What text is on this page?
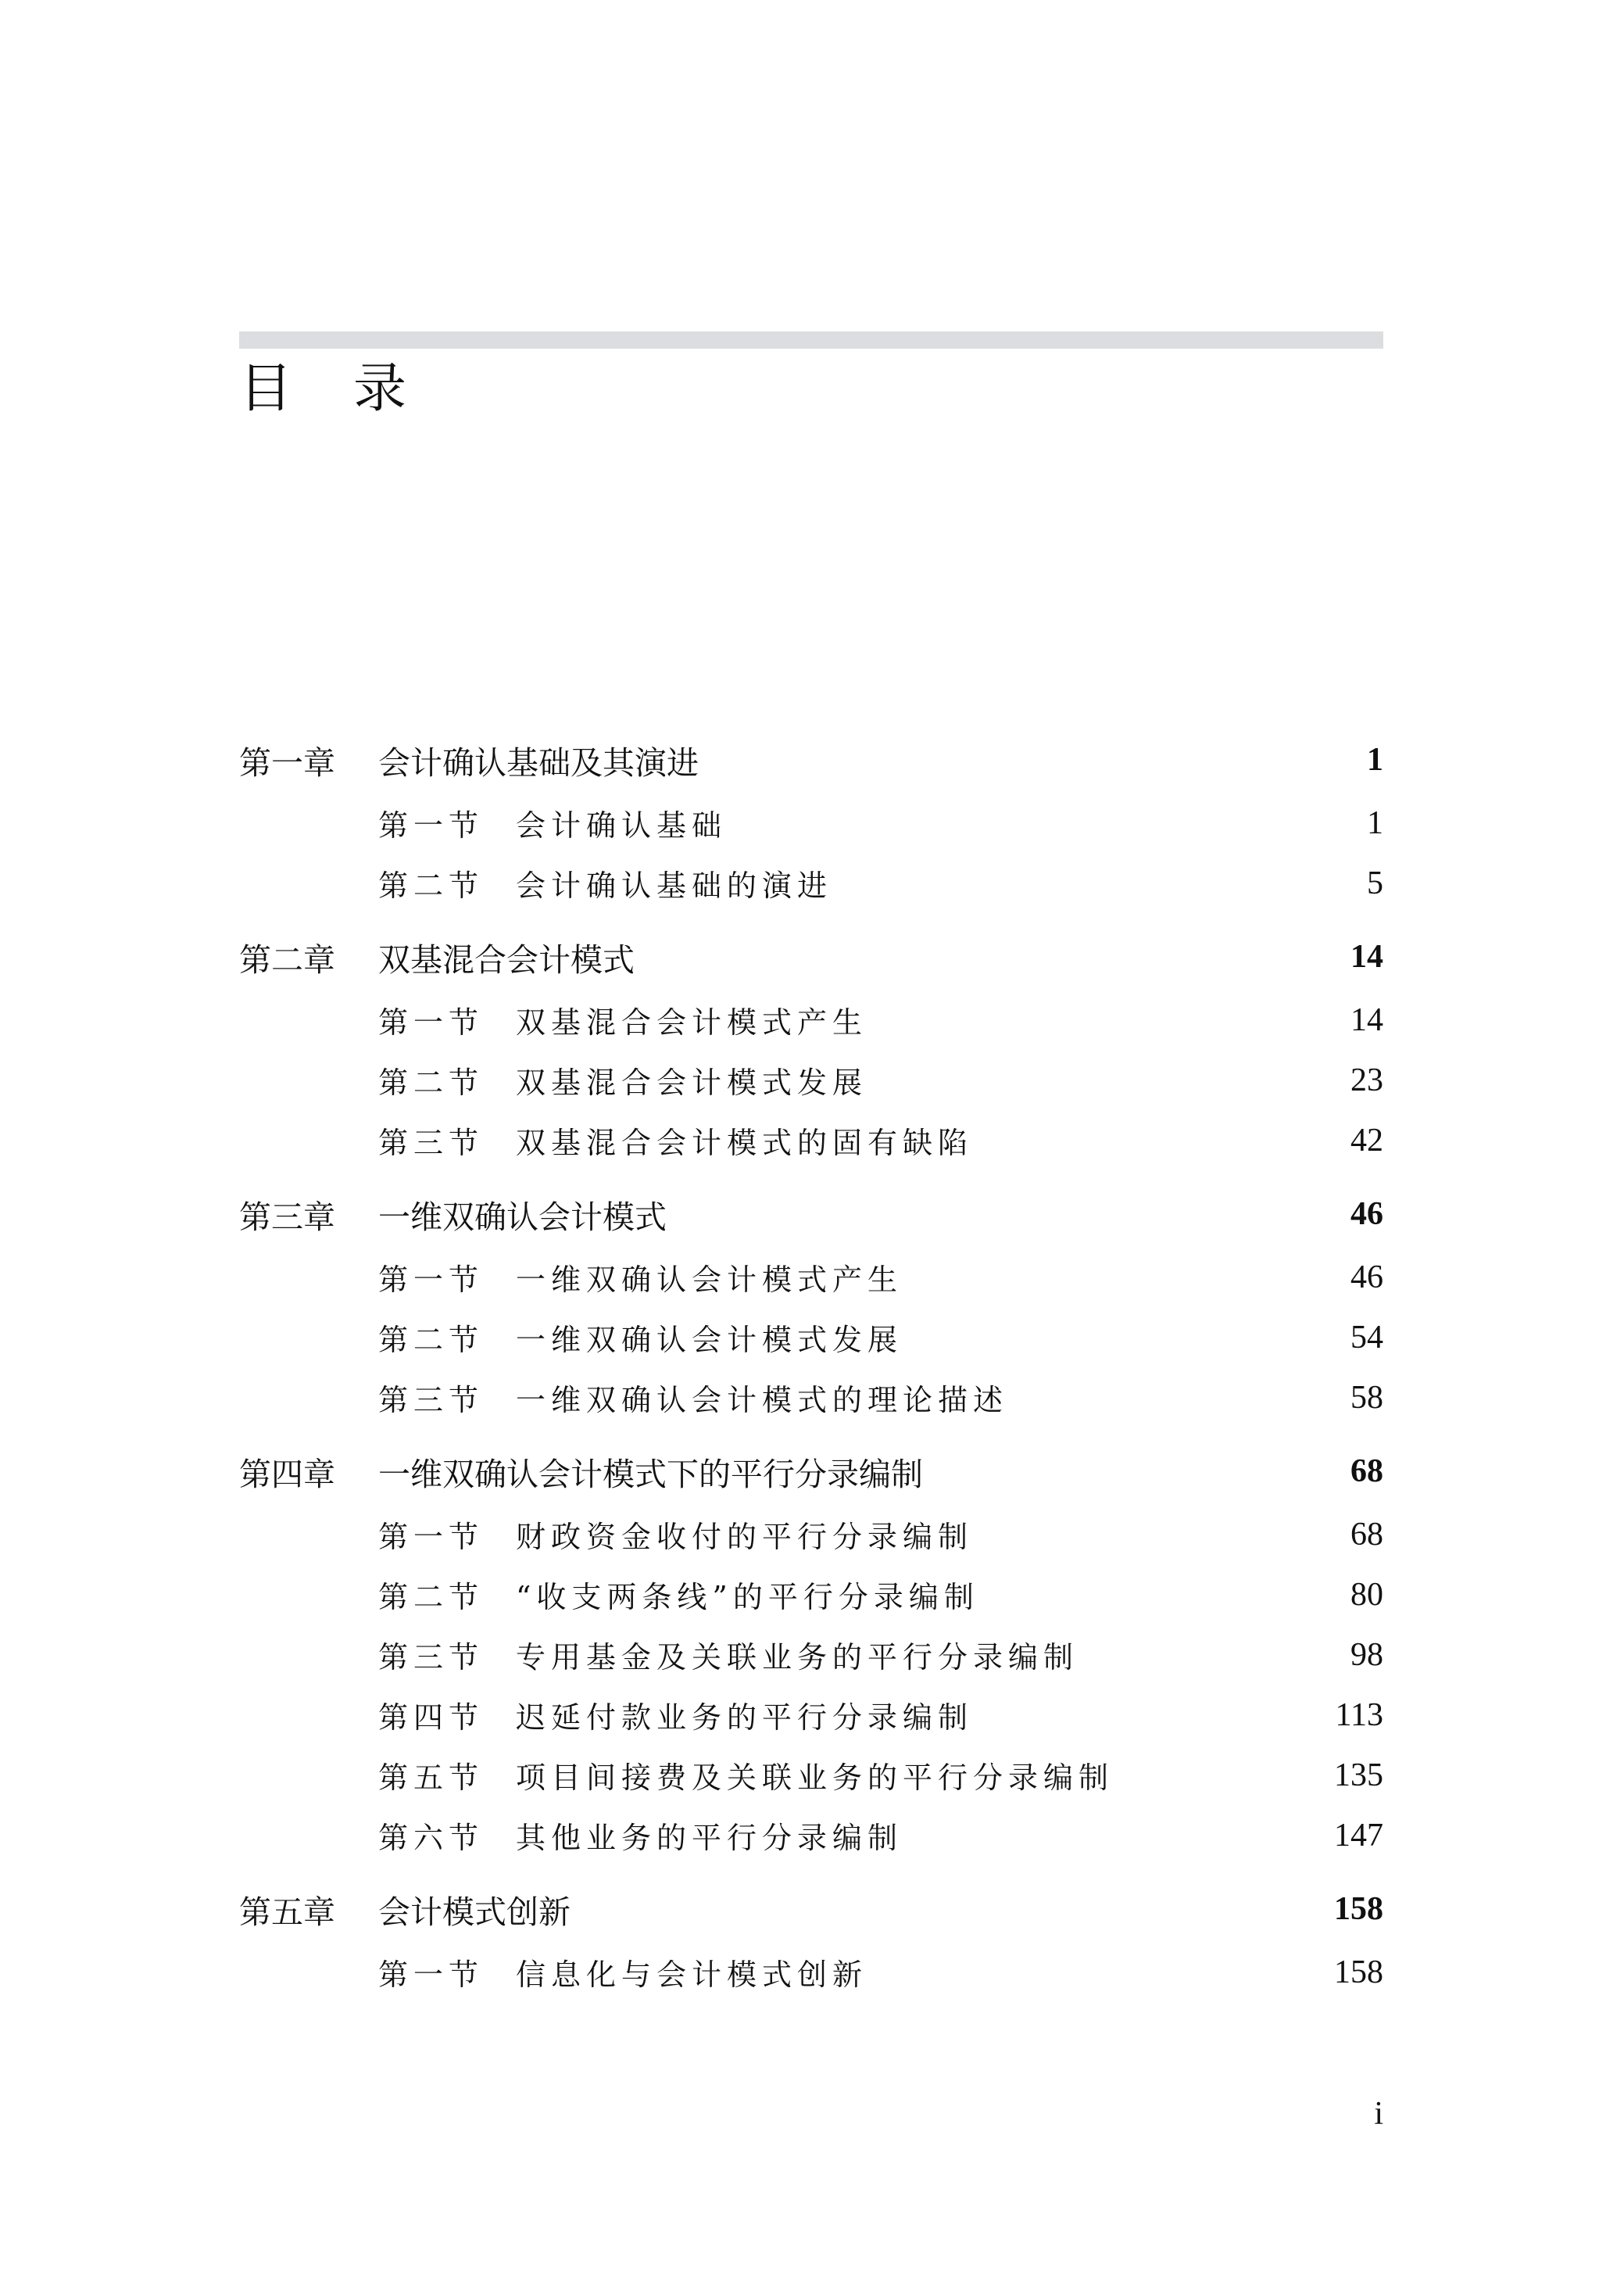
目录
第一章	会计确认基础及其演进	1
第一节	会计确认基础	1
第二节	会计确认基础的演进	5
第二章	双基混合会计模式	14
第一节	双基混合会计模式产生	14
第二节	双基混合会计模式发展	23
第三节	双基混合会计模式的固有缺陷	42
第三章	一维双确认会计模式	46
第一节	一维双确认会计模式产生	46
第二节	一维双确认会计模式发展	54
第三节	一维双确认会计模式的理论描述	58
第四章	一维双确认会计模式下的平行分录编制	68
第一节	财政资金收付的平行分录编制	68
第二节	“收支两条线”的平行分录编制	80
第三节	专用基金及关联业务的平行分录编制	98
第四节	迟延付款业务的平行分录编制	113
第五节	项目间接费及关联业务的平行分录编制	135
第六节	其他业务的平行分录编制	147
第五章	会计模式创新	158
第一节	信息化与会计模式创新	158
i
